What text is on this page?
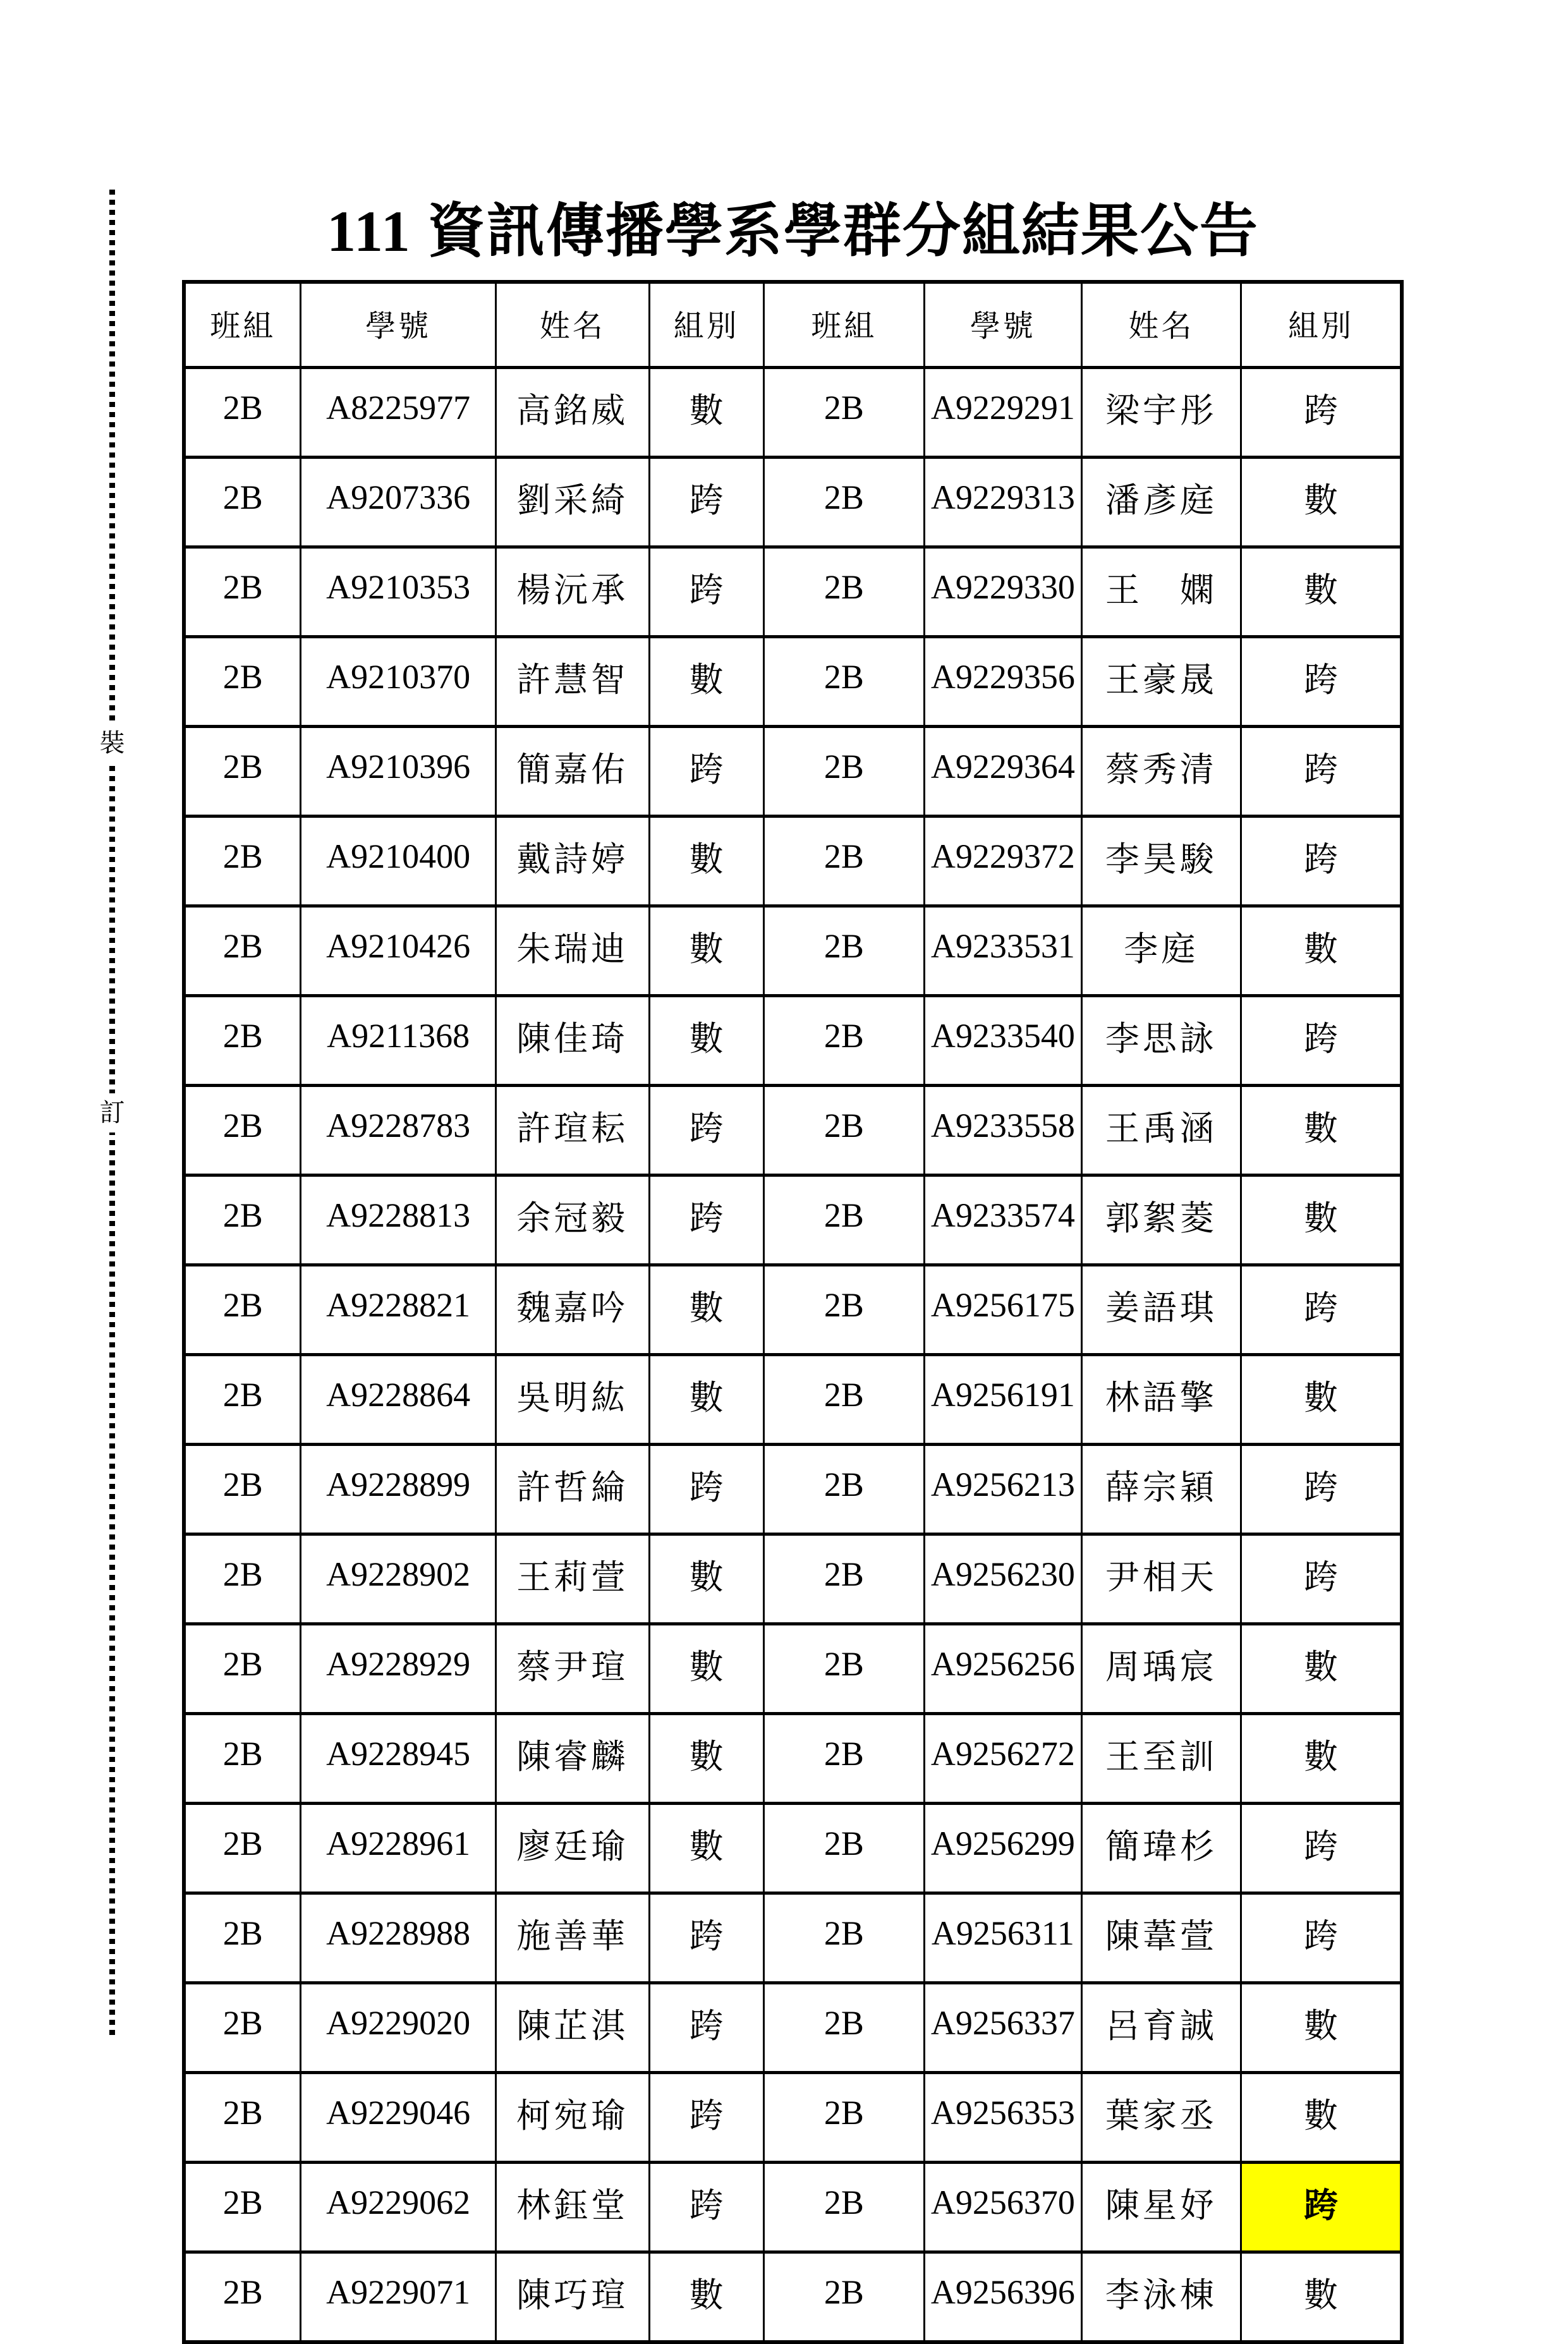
裝
訂
111 資訊傳播學系學群分組結果公告
班組	學號	姓名	組別	班組	學號	姓名	組別
2B	A8225977	高銘威	數	2B	A9229291	梁宇彤	跨
2B	A9207336	劉采綺	跨	2B	A9229313	潘彥庭	數
2B	A9210353	楊沅承	跨	2B	A9229330	王　嫻	數
2B	A9210370	許慧智	數	2B	A9229356	王豪晟	跨
2B	A9210396	簡嘉佑	跨	2B	A9229364	蔡秀清	跨
2B	A9210400	戴詩婷	數	2B	A9229372	李昊駿	跨
2B	A9210426	朱瑞迪	數	2B	A9233531	李庭	數
2B	A9211368	陳佳琦	數	2B	A9233540	李思詠	跨
2B	A9228783	許瑄耘	跨	2B	A9233558	王禹涵	數
2B	A9228813	余冠毅	跨	2B	A9233574	郭絮菱	數
2B	A9228821	魏嘉吟	數	2B	A9256175	姜語琪	跨
2B	A9228864	吳明紘	數	2B	A9256191	林語擎	數
2B	A9228899	許哲綸	跨	2B	A9256213	薛宗穎	跨
2B	A9228902	王莉萱	數	2B	A9256230	尹相天	跨
2B	A9228929	蔡尹瑄	數	2B	A9256256	周瑀宸	數
2B	A9228945	陳睿麟	數	2B	A9256272	王至訓	數
2B	A9228961	廖廷瑜	數	2B	A9256299	簡瑋杉	跨
2B	A9228988	施善華	跨	2B	A9256311	陳葦萱	跨
2B	A9229020	陳芷淇	跨	2B	A9256337	呂育誠	數
2B	A9229046	柯宛瑜	跨	2B	A9256353	葉家丞	數
2B	A9229062	林鈺堂	跨	2B	A9256370	陳星妤	跨
2B	A9229071	陳巧瑄	數	2B	A9256396	李泳棟	數
